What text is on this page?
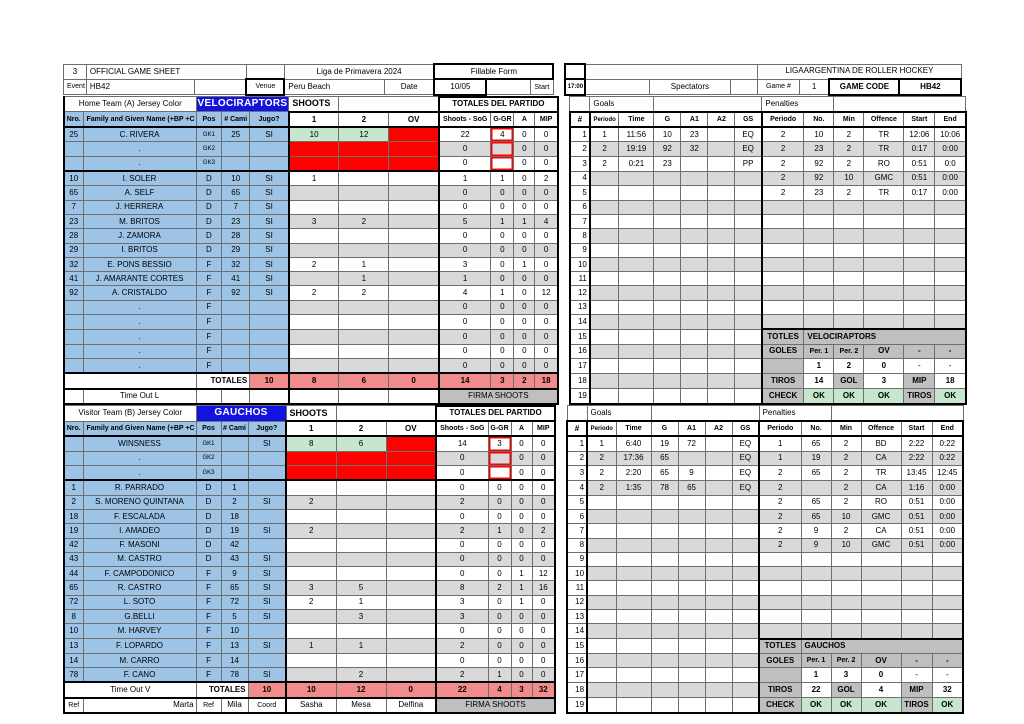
3	OFFICIAL GAME SHEET			Liga de Primavera 2024		Fillable Form								LIGAARGENTINA DE ROLLER HOCKEY			
Event	HB42		Venue	Peru Beach	Date	10/05		Start		17:00		Spectators		Game #	1	GAME CODE	HB42
Home Team (A) Jersey Color		VELOCIRAPTORS			SHOOTS			TOTALES DEL PARTIDO						Goals						Penalties					
Nro.	Family and Given Name (+BP +C	Pos	# Cami	Jugo?	1	2	OV	Shoots - SoG	G-GR	A	MIP		#	Periodo	Time	G	A1	A2	GS	Periodo	No.	Min	Offence	Start	End
25	C. RIVERA	GK1	25	SI	10	12		22	4	0	0		1	1	11:56	10	23		EQ	2	10	2	TR	12:06	10:06
	.	GK2						0		0	0		2	2	19:19	92	32		EQ	2	23	2	TR	0:17	0:00
	.	GK3						0		0	0		3	2	0:21	23			PP	2	92	2	RO	0:51	0:0
10	I. SOLER	D	10	SI	1			1	1	0	2		4							2	92	10	GMC	0:51	0:00
65	A. SELF	D	65	SI				0	0	0	0		5							2	23	2	TR	0:17	0:00
7	J. HERRERA	D	7	SI				0	0	0	0		6												
23	M. BRITOS	D	23	SI	3	2		5	1	1	4		7												
28	J. ZAMORA	D	28	SI				0	0	0	0		8												
29	I. BRITOS	D	29	SI				0	0	0	0		9												
32	E. PONS BESSIO	F	32	SI	2	1		3	0	1	0		10												
41	J. AMARANTE CORTES	F	41	SI		1		1	0	0	0		11												
92	A. CRISTALDO	F	92	SI	2	2		4	1	0	12		12												
	.	F						0	0	0	0		13												
	.	F						0	0	0	0		14												
	.	F						0	0	0	0		15							TOTLES	VELOCIRAPTORS				
	.	F						0	0	0	0		16							GOLES	Per. 1	Per. 2	OV	-	-
	.	F						0	0	0	0		17								1	2	0	-	-
		TOTALES		10	8	6	0	14	3	2	18		18							TIROS	14	GOL	3	MIP	18
	Time Out L							FIRMA SHOOTS					19							CHECK	OK	OK	OK	TIROS	OK
Visitor Team (B) Jersey Color		GAUCHOS			SHOOTS			TOTALES DEL PARTIDO						Goals						Penalties					
Nro.	Family and Given Name (+BP +C	Pos	# Cami	Jugo?	1	2	OV	Shoots - SoG	G-GR	A	MIP		#	Periodo	Time	G	A1	A2	GS	Periodo	No.	Min	Offence	Start	End
	WINSNESS	GK1		SI	8	6		14	3	0	0		1	1	6:40	19	72		EQ	1	65	2	BD	2:22	0:22
	.	GK2						0		0	0		2	2	17:36	65			EQ	1	19	2	CA	2:22	0:22
	.	GK3						0		0	0		3	2	2:20	65	9		EQ	2	65	2	TR	13:45	12:45
1	R. PARRADO	D	1					0	0	0	0		4	2	1:35	78	65		EQ	2		2	CA	1:16	0:00
2	S. MORENO QUINTANA	D	2	SI	2			2	0	0	0		5							2	65	2	RO	0:51	0:00
18	F. ESCALADA	D	18					0	0	0	0		6							2	65	10	GMC	0:51	0:00
19	I. AMADEO	D	19	SI	2			2	1	0	2		7							2	9	2	CA	0:51	0:00
42	F. MASONI	D	42					0	0	0	0		8							2	9	10	GMC	0:51	0:00
43	M. CASTRO	D	43	SI				0	0	0	0		9												
44	F. CAMPODONICO	F	9	SI				0	0	1	12		10												
65	R. CASTRO	F	65	SI	3	5		8	2	1	16		11												
72	L. SOTO	F	72	SI	2	1		3	0	1	0		12												
8	G.BELLI	F	5	SI		3		3	0	0	0		13												
10	M. HARVEY	F	10					0	0	0	0		14												
13	F. LOPARDO	F	13	SI	1	1		2	0	0	0		15							TOTLES	GAUCHOS				
14	M. CARRO	F	14					0	0	0	0		16							GOLES	Per. 1	Per. 2	OV	-	-
78	F. CANO	F	78	SI		2		2	1	0	0		17								1	3	0	-	-
Time Out V		TOTALES		10	10	12	0	22	4	3	32		18							TIROS	22	GOL	4	MIP	32
Ref	Marta	Ref	Mila	Coord	Sasha	Mesa	Delfina	FIRMA SHOOTS					19							CHECK	OK	OK	OK	TIROS	OK
